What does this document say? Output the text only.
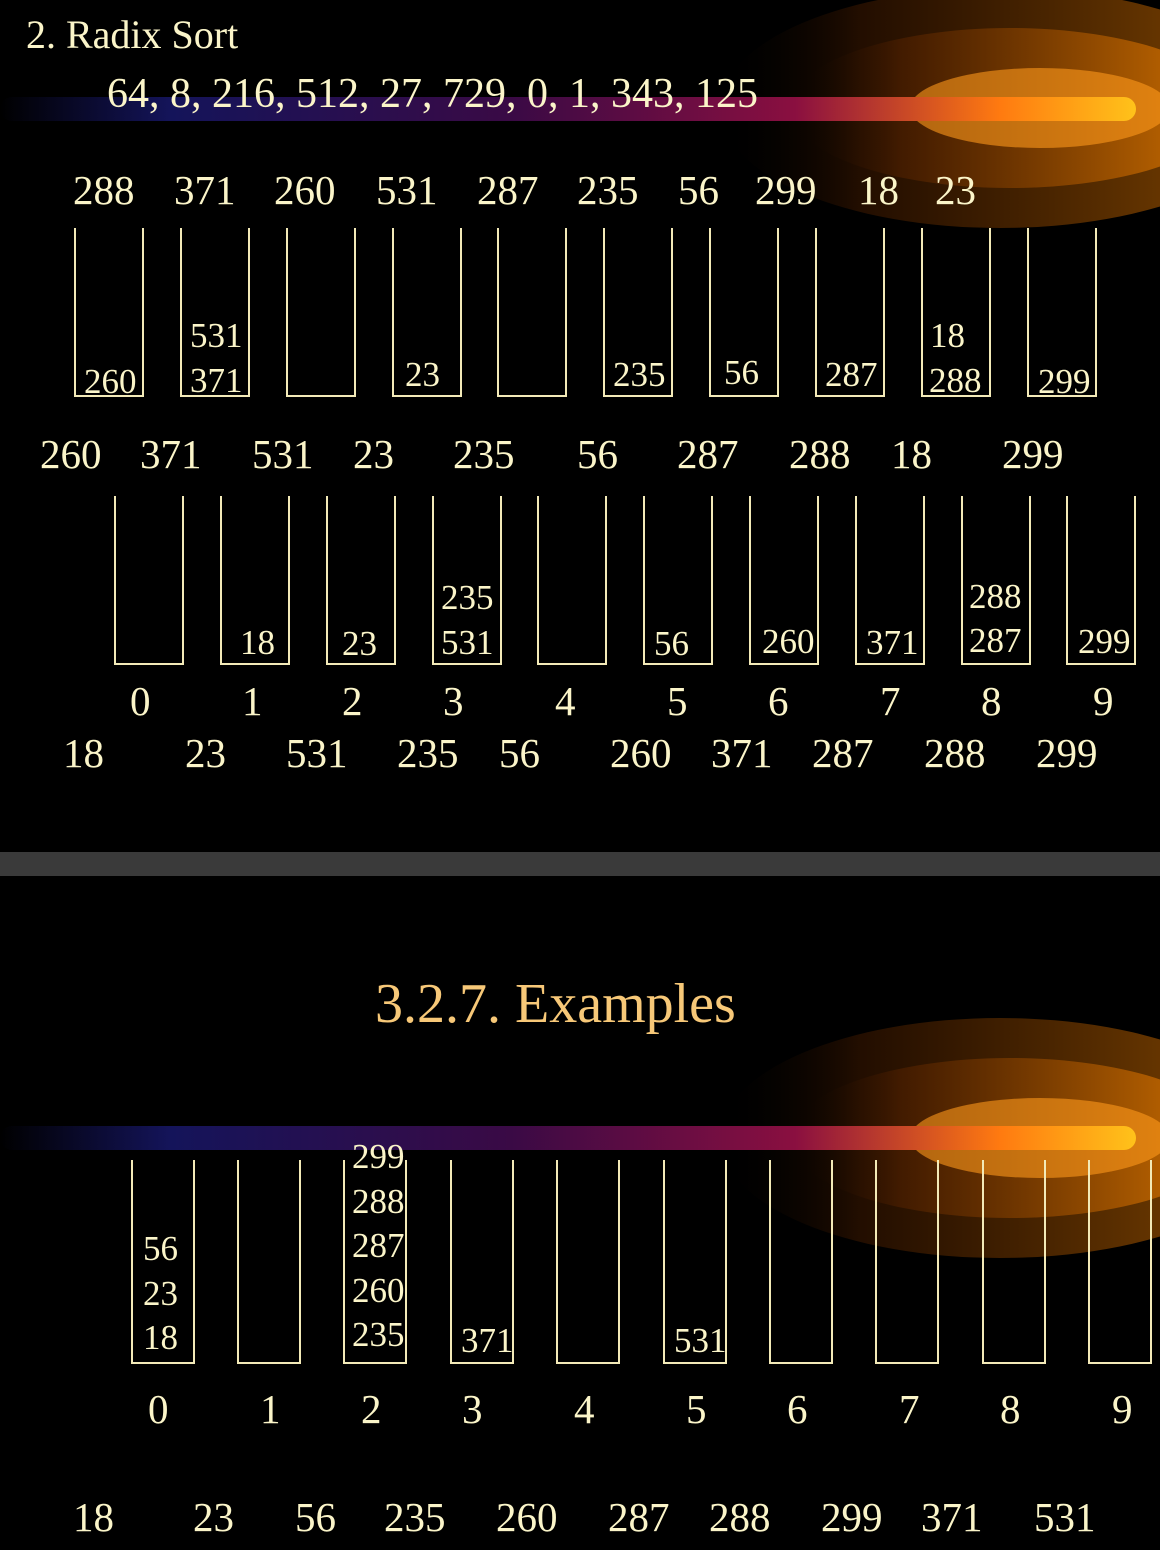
2. Radix Sort
64, 8, 216, 512, 27, 729, 0, 1, 343, 125
288 371 260 531 287 235 56 299 18 23
260
531
371	23	235 56 287
18
288 299
260 371 531 23 235 56 287 288 18 299
18 23
235
531	56 260 371
288
287 299
0 1 2 3 4 5 6 7 8 9
18 23 531 235 56 260 371 287 288 299
3.2.7. Examples
56
23
18
299
288
287
260
235 371	531
0 1 2 3 4 5 6 7 8 9
18 23 56 235 260 287 288 299 371 531
